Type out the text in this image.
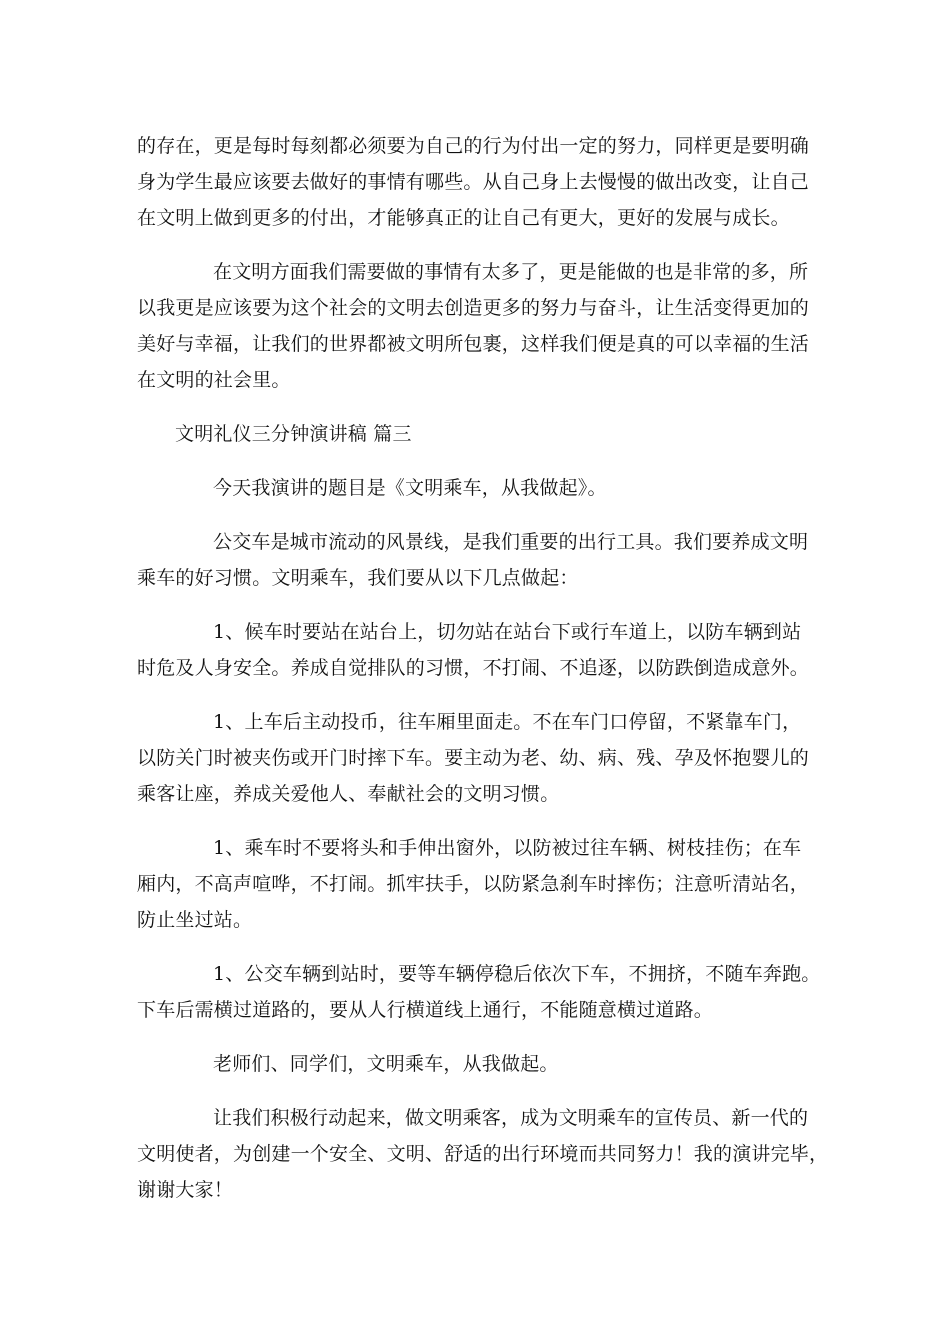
的存在，更是每时每刻都必须要为自己的行为付出一定的努力，同样更是要明确
身为学生最应该要去做好的事情有哪些。从自己身上去慢慢的做出改变，让自己
在文明上做到更多的付出，才能够真正的让自己有更大，更好的发展与成长。

在文明方面我们需要做的事情有太多了，更是能做的也是非常的多，所
以我更是应该要为这个社会的文明去创造更多的努力与奋斗，让生活变得更加的
美好与幸福，让我们的世界都被文明所包裹，这样我们便是真的可以幸福的生活
在文明的社会里。

文明礼仪三分钟演讲稿 篇三

今天我演讲的题目是《文明乘车，从我做起》。

公交车是城市流动的风景线，是我们重要的出行工具。我们要养成文明
乘车的好习惯。文明乘车，我们要从以下几点做起：

1、候车时要站在站台上，切勿站在站台下或行车道上，以防车辆到站
时危及人身安全。养成自觉排队的习惯，不打闹、不追逐，以防跌倒造成意外。

1、上车后主动投币，往车厢里面走。不在车门口停留，不紧靠车门，
以防关门时被夹伤或开门时摔下车。要主动为老、幼、病、残、孕及怀抱婴儿的
乘客让座，养成关爱他人、奉献社会的文明习惯。

1、乘车时不要将头和手伸出窗外，以防被过往车辆、树枝挂伤；在车
厢内，不高声喧哗，不打闹。抓牢扶手，以防紧急刹车时摔伤；注意听清站名，
防止坐过站。

1、公交车辆到站时，要等车辆停稳后依次下车，不拥挤，不随车奔跑。
下车后需横过道路的，要从人行横道线上通行，不能随意横过道路。

老师们、同学们，文明乘车，从我做起。

让我们积极行动起来，做文明乘客，成为文明乘车的宣传员、新一代的
文明使者，为创建一个安全、文明、舒适的出行环境而共同努力！我的演讲完毕，
谢谢大家！
